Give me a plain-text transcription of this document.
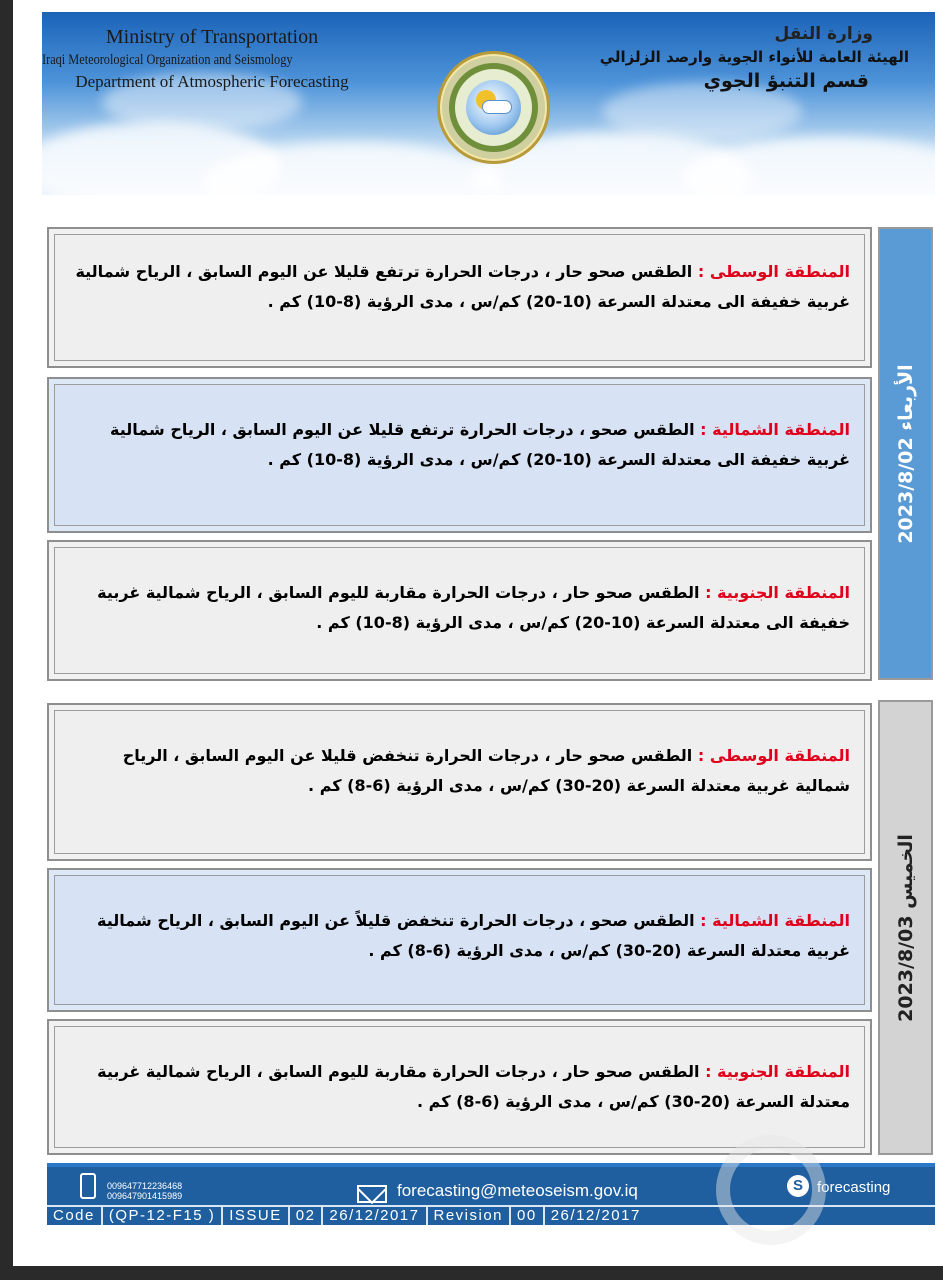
Ministry of Transportation
Iraqi Meteorological Organization and Seismology
Department of Atmospheric Forecasting
وزارة النقل
الهيئة العامة للأنواء الجوية وارصد الزلزالي
قسم التنبؤ الجوي
المنطقة الوسطى : الطقس صحو حار ، درجات الحرارة ترتفع قليلا عن اليوم السابق ، الرياح شمالية غربية خفيفة الى معتدلة السرعة (10-20) كم/س ، مدى الرؤية (8-10) كم .
المنطقة الشمالية : الطقس صحو ، درجات الحرارة ترتفع قليلا عن اليوم السابق ، الرياح شمالية غربية خفيفة الى معتدلة السرعة (10-20) كم/س ، مدى الرؤية (8-10) كم .
المنطقة الجنوبية : الطقس صحو حار ، درجات الحرارة مقاربة لليوم السابق ، الرياح شمالية غربية خفيفة الى معتدلة السرعة (10-20) كم/س ، مدى الرؤية (8-10) كم .
الأربعاء 2023/8/02
المنطقة الوسطى : الطقس صحو حار ، درجات الحرارة تنخفض قليلا عن اليوم السابق ، الرياح شمالية غربية معتدلة السرعة (20-30) كم/س ، مدى الرؤية (6-8) كم .
المنطقة الشمالية : الطقس صحو ، درجات الحرارة تنخفض قليلاً عن اليوم السابق ، الرياح شمالية غربية معتدلة السرعة (20-30) كم/س ، مدى الرؤية (6-8) كم .
المنطقة الجنوبية : الطقس صحو حار ، درجات الحرارة مقاربة لليوم السابق ، الرياح شمالية غربية معتدلة السرعة (20-30) كم/س ، مدى الرؤية (6-8) كم .
الخميس 2023/8/03
009647712236468
009647901415989	forecasting@meteoseism.gov.iq	S forecasting
Code (QP-12-F15 ) ISSUE 02 26/12/2017 Revision 00 26/12/2017
